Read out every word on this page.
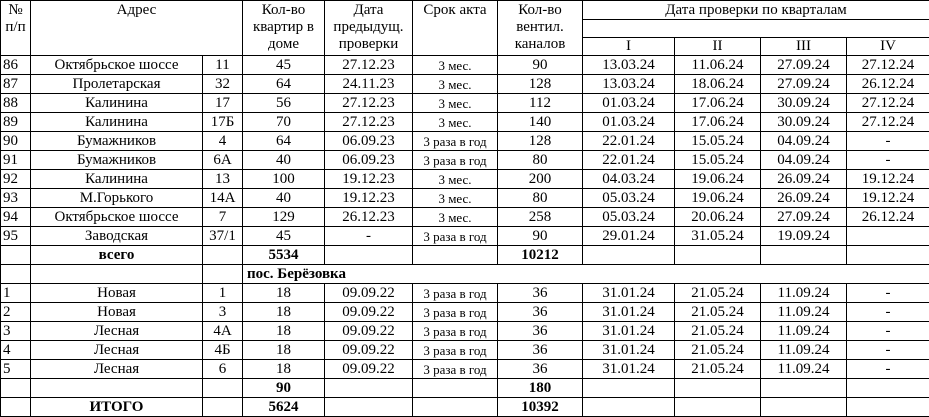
№ п/п	Адрес		Кол-во квартир в доме	Дата предыдущ. проверки	Срок акта	Кол-во вентил. каналов	Дата проверки по кварталам			

							I	II	III	IV
86	Октябрьское шоссе	11	45	27.12.23	3 мес.	90	13.03.24	11.06.24	27.09.24	27.12.24
87	Пролетарская	32	64	24.11.23	3 мес.	128	13.03.24	18.06.24	27.09.24	26.12.24
88	Калинина	17	56	27.12.23	3 мес.	112	01.03.24	17.06.24	30.09.24	27.12.24
89	Калинина	17Б	70	27.12.23	3 мес.	140	01.03.24	17.06.24	30.09.24	27.12.24
90	Бумажников	4	64	06.09.23	3 раза в год	128	22.01.24	15.05.24	04.09.24	-
91	Бумажников	6А	40	06.09.23	3 раза в год	80	22.01.24	15.05.24	04.09.24	-
92	Калинина	13	100	19.12.23	3 мес.	200	04.03.24	19.06.24	26.09.24	19.12.24
93	М.Горького	14А	40	19.12.23	3 мес.	80	05.03.24	19.06.24	26.09.24	19.12.24
94	Октябрьское шоссе	7	129	26.12.23	3 мес.	258	05.03.24	20.06.24	27.09.24	26.12.24
95	Заводская	37/1	45	-	3 раза в год	90	29.01.24	31.05.24	19.09.24	
	всего		5534			10212				
			пос. Берёзовка							
1	Новая	1	18	09.09.22	3 раза в год	36	31.01.24	21.05.24	11.09.24	-
2	Новая	3	18	09.09.22	3 раза в год	36	31.01.24	21.05.24	11.09.24	-
3	Лесная	4А	18	09.09.22	3 раза в год	36	31.01.24	21.05.24	11.09.24	-
4	Лесная	4Б	18	09.09.22	3 раза в год	36	31.01.24	21.05.24	11.09.24	-
5	Лесная	6	18	09.09.22	3 раза в год	36	31.01.24	21.05.24	11.09.24	-
			90			180				
	ИТОГО		5624			10392				
